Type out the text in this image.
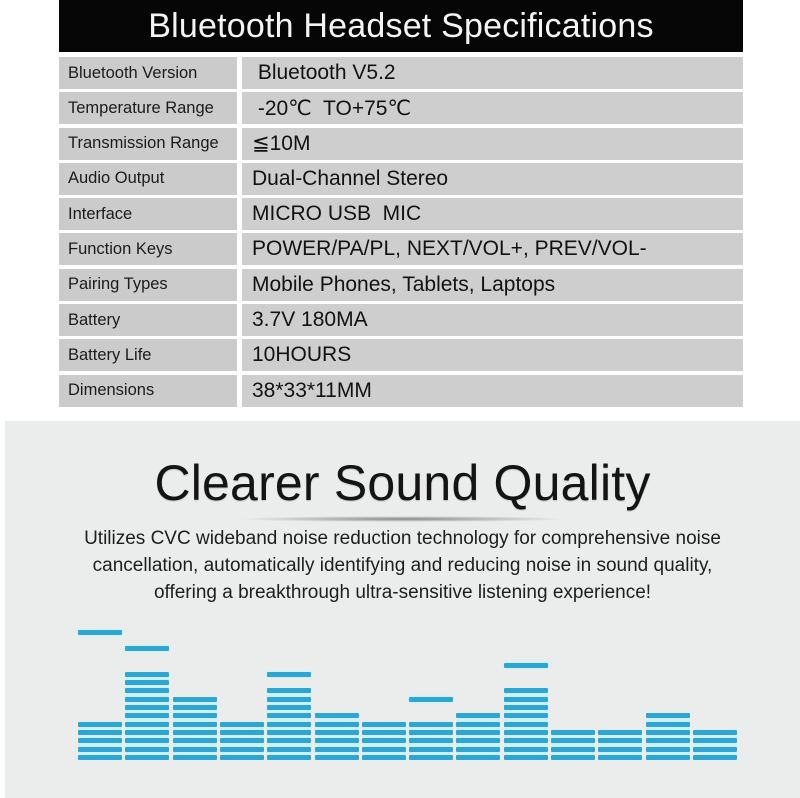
Bluetooth Headset Specifications
Bluetooth Version	Bluetooth V5.2
Temperature Range	-20℃  TO+75℃
Transmission Range	≦10M
Audio Output	Dual-Channel Stereo
Interface	MICRO USB  MIC
Function Keys	POWER/PA/PL, NEXT/VOL+, PREV/VOL-
Pairing Types	Mobile Phones, Tablets, Laptops
Battery	3.7V 180MA
Battery Life	10HOURS
Dimensions	38*33*11MM
Clearer Sound Quality
Utilizes CVC wideband noise reduction technology for comprehensive noise
cancellation, automatically identifying and reducing noise in sound quality,
offering a breakthrough ultra-sensitive listening experience!
